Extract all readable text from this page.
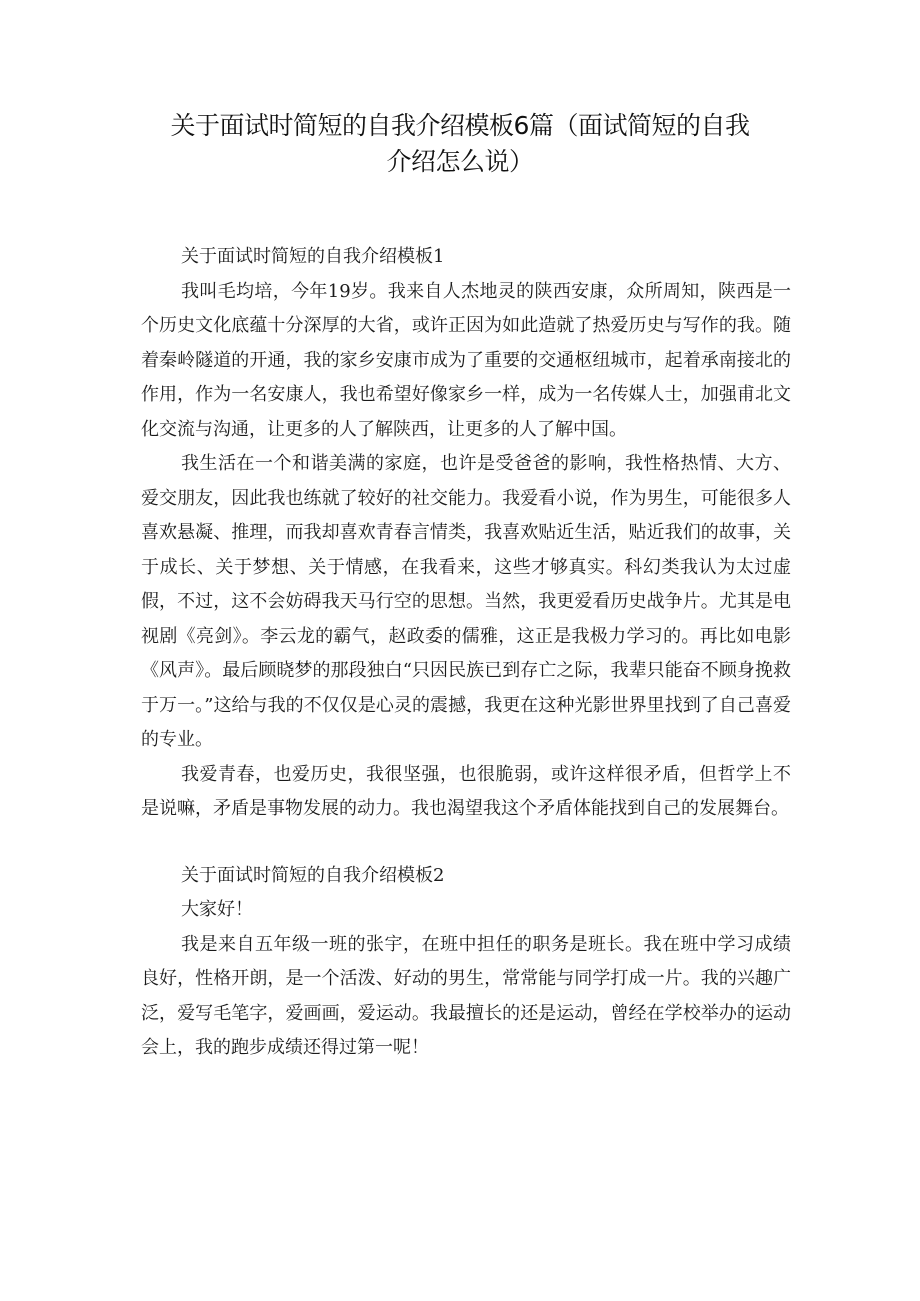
关于面试时简短的自我介绍模板6篇（面试简短的自我
介绍怎么说）
关于面试时简短的自我介绍模板1

我叫毛均培，今年19岁。我来自人杰地灵的陕西安康，众所周知，陕西是一个历史文化底蕴十分深厚的大省，或许正因为如此造就了热爱历史与写作的我。随着秦岭隧道的开通，我的家乡安康市成为了重要的交通枢纽城市，起着承南接北的作用，作为一名安康人，我也希望好像家乡一样，成为一名传媒人士，加强甫北文化交流与沟通，让更多的人了解陕西，让更多的人了解中国。

我生活在一个和谐美满的家庭，也许是受爸爸的影响，我性格热情、大方、爱交朋友，因此我也练就了较好的社交能力。我爱看小说，作为男生，可能很多人喜欢悬凝、推理，而我却喜欢青春言情类，我喜欢贴近生活，贴近我们的故事，关于成长、关于梦想、关于情感，在我看来，这些才够真实。科幻类我认为太过虚假，不过，这不会妨碍我天马行空的思想。当然，我更爱看历史战争片。尤其是电视剧《亮剑》。李云龙的霸气，赵政委的儒雅，这正是我极力学习的。再比如电影《风声》。最后顾晓梦的那段独白“只因民族已到存亡之际，我辈只能奋不顾身挽救于万一。”这给与我的不仅仅是心灵的震撼，我更在这种光影世界里找到了自己喜爱的专业。

我爱青春，也爱历史，我很坚强，也很脆弱，或许这样很矛盾，但哲学上不是说嘛，矛盾是事物发展的动力。我也渴望我这个矛盾体能找到自己的发展舞台。

关于面试时简短的自我介绍模板2

大家好！

我是来自五年级一班的张宇，在班中担任的职务是班长。我在班中学习成绩良好，性格开朗，是一个活泼、好动的男生，常常能与同学打成一片。我的兴趣广泛，爱写毛笔字，爱画画，爱运动。我最擅长的还是运动，曾经在学校举办的运动会上，我的跑步成绩还得过第一呢！
